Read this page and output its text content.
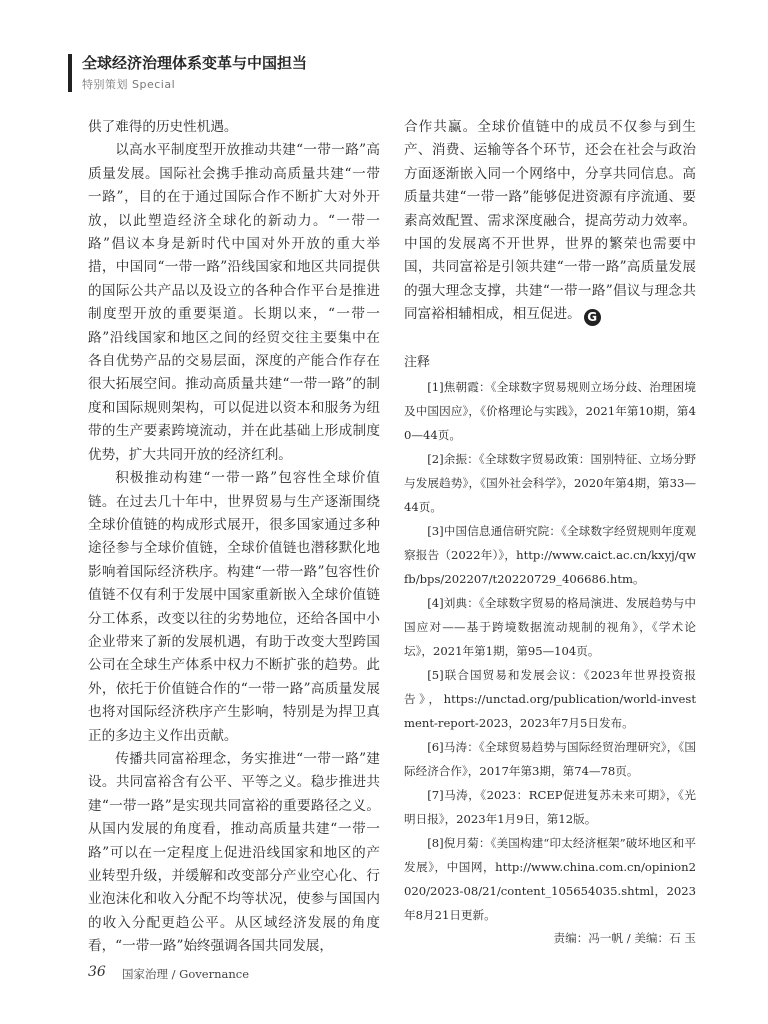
全球经济治理体系变革与中国担当
特别策划 Special

供了难得的历史性机遇。

以高水平制度型开放推动共建“一带一路”高质量发展。国际社会携手推动高质量共建“一带一路”，目的在于通过国际合作不断扩大对外开放，以此塑造经济全球化的新动力。“一带一路”倡议本身是新时代中国对外开放的重大举措，中国同“一带一路”沿线国家和地区共同提供的国际公共产品以及设立的各种合作平台是推进制度型开放的重要渠道。长期以来，“一带一路”沿线国家和地区之间的经贸交往主要集中在各自优势产品的交易层面，深度的产能合作存在很大拓展空间。推动高质量共建“一带一路”的制度和国际规则架构，可以促进以资本和服务为纽带的生产要素跨境流动，并在此基础上形成制度优势，扩大共同开放的经济红利。

积极推动构建“一带一路”包容性全球价值链。在过去几十年中，世界贸易与生产逐渐围绕全球价值链的构成形式展开，很多国家通过多种途径参与全球价值链，全球价值链也潜移默化地影响着国际经济秩序。构建“一带一路”包容性价值链不仅有利于发展中国家重新嵌入全球价值链分工体系，改变以往的劣势地位，还给各国中小企业带来了新的发展机遇，有助于改变大型跨国公司在全球生产体系中权力不断扩张的趋势。此外，依托于价值链合作的“一带一路”高质量发展也将对国际经济秩序产生影响，特别是为捍卫真正的多边主义作出贡献。

传播共同富裕理念，务实推进“一带一路”建设。共同富裕含有公平、平等之义。稳步推进共建“一带一路”是实现共同富裕的重要路径之义。从国内发展的角度看，推动高质量共建“一带一路”可以在一定程度上促进沿线国家和地区的产业转型升级，并缓解和改变部分产业空心化、行业泡沫化和收入分配不均等状况，使参与国国内的收入分配更趋公平。从区域经济发展的角度看，“一带一路”始终强调各国共同发展，

合作共赢。全球价值链中的成员不仅参与到生产、消费、运输等各个环节，还会在社会与政治方面逐渐嵌入同一个网络中，分享共同信息。高质量共建“一带一路”能够促进资源有序流通、要素高效配置、需求深度融合，提高劳动力效率。中国的发展离不开世界，世界的繁荣也需要中国，共同富裕是引领共建“一带一路”高质量发展的强大理念支撑，共建“一带一路”倡议与理念共同富裕相辅相成，相互促进。 G

注释

[1]焦朝霞：《全球数字贸易规则立场分歧、治理困境及中国因应》，《价格理论与实践》，2021年第10期，第40—44页。

[2]余振：《全球数字贸易政策：国别特征、立场分野与发展趋势》，《国外社会科学》，2020年第4期，第33—44页。

[3]中国信息通信研究院：《全球数字经贸规则年度观察报告（2022年）》，http://www.caict.ac.cn/kxyj/qwfb/bps/202207/t20220729_406686.htm。

[4]刘典：《全球数字贸易的格局演进、发展趋势与中国应对——基于跨境数据流动规制的视角》，《学术论坛》，2021年第1期，第95—104页。

[5]联合国贸易和发展会议：《2023年世界投资报告》，https://unctad.org/publication/world-investment-report-2023，2023年7月5日发布。

[6]马涛：《全球贸易趋势与国际经贸治理研究》，《国际经济合作》，2017年第3期，第74—78页。

[7]马涛，《2023：RCEP促进复苏未来可期》，《光明日报》，2023年1月9日，第12版。

[8]倪月菊：《美国构建“印太经济框架”破坏地区和平发展》，中国网，http://www.china.com.cn/opinion2020/2023-08/21/content_105654035.shtml，2023年8月21日更新。

责编：冯一帆 / 美编：石 玉
36 国家治理 / Governance
